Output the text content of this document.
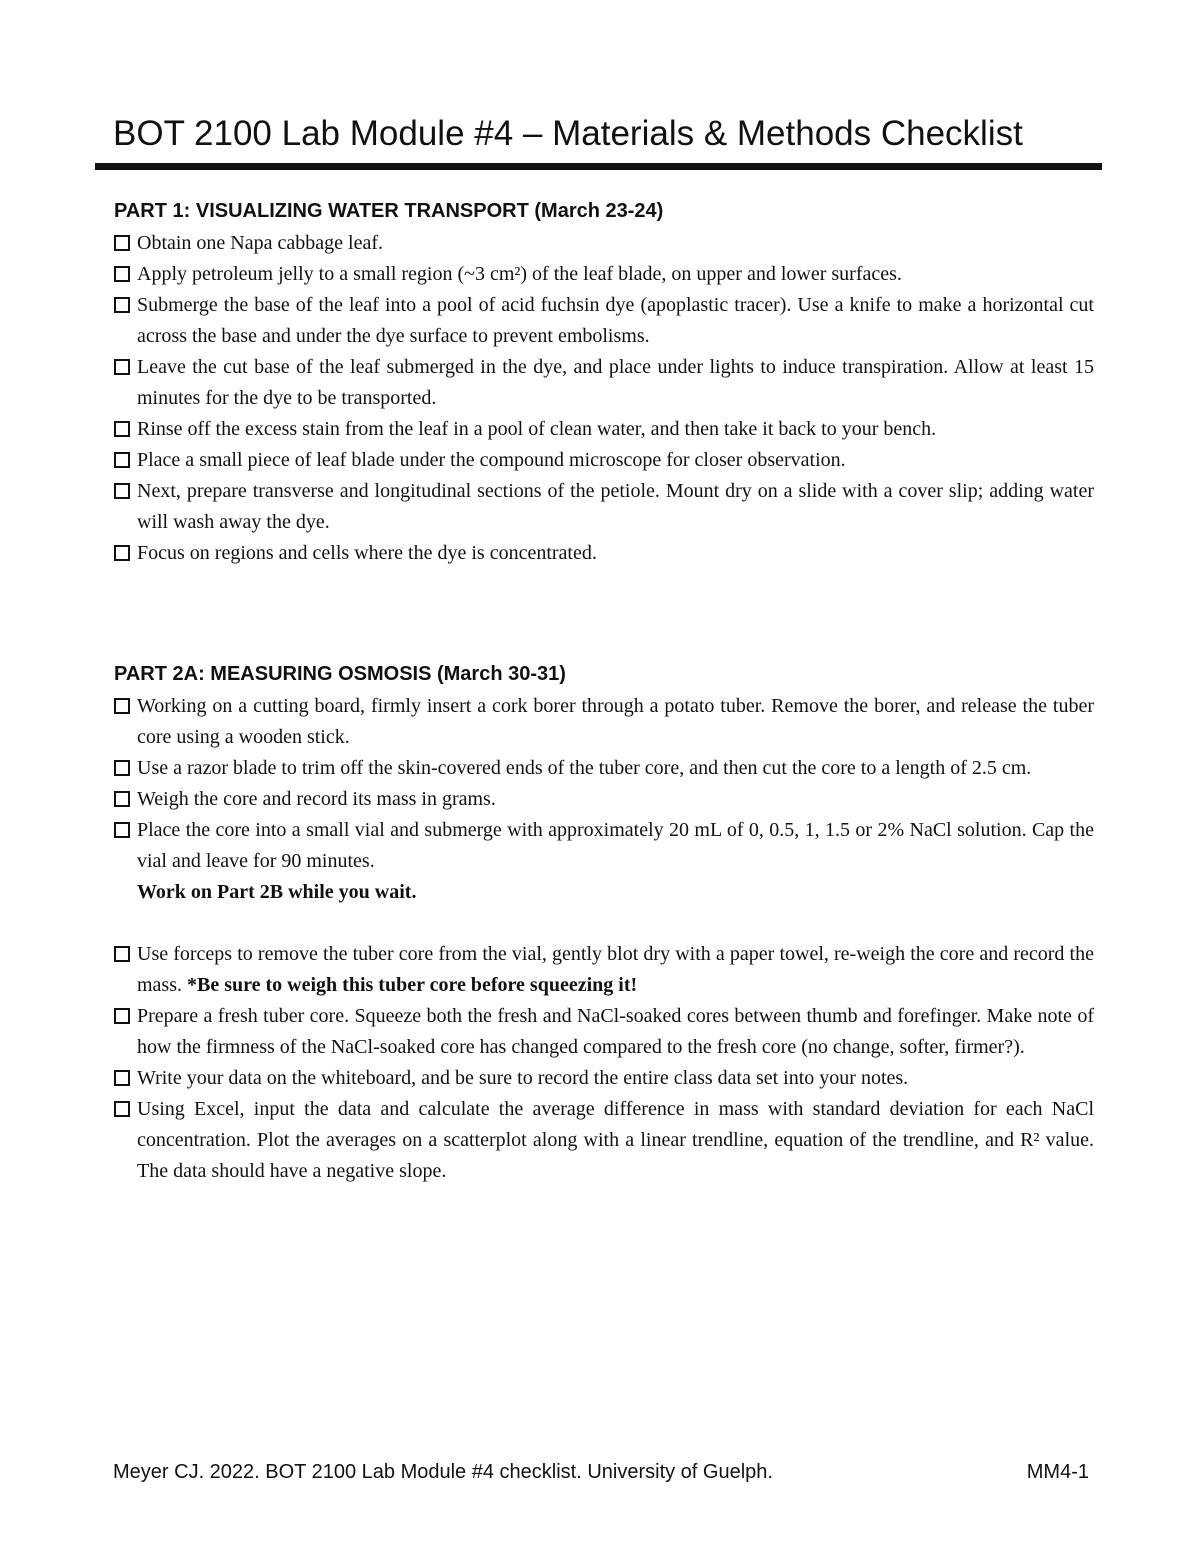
BOT 2100 Lab Module #4 – Materials & Methods Checklist
PART 1: VISUALIZING WATER TRANSPORT (March 23-24)
Obtain one Napa cabbage leaf.
Apply petroleum jelly to a small region (~3 cm²) of the leaf blade, on upper and lower surfaces.
Submerge the base of the leaf into a pool of acid fuchsin dye (apoplastic tracer). Use a knife to make a horizontal cut across the base and under the dye surface to prevent embolisms.
Leave the cut base of the leaf submerged in the dye, and place under lights to induce transpiration. Allow at least 15 minutes for the dye to be transported.
Rinse off the excess stain from the leaf in a pool of clean water, and then take it back to your bench.
Place a small piece of leaf blade under the compound microscope for closer observation.
Next, prepare transverse and longitudinal sections of the petiole. Mount dry on a slide with a cover slip; adding water will wash away the dye.
Focus on regions and cells where the dye is concentrated.
PART 2A: MEASURING OSMOSIS (March 30-31)
Working on a cutting board, firmly insert a cork borer through a potato tuber. Remove the borer, and release the tuber core using a wooden stick.
Use a razor blade to trim off the skin-covered ends of the tuber core, and then cut the core to a length of 2.5 cm.
Weigh the core and record its mass in grams.
Place the core into a small vial and submerge with approximately 20 mL of 0, 0.5, 1, 1.5 or 2% NaCl solution. Cap the vial and leave for 90 minutes.
Work on Part 2B while you wait.
Use forceps to remove the tuber core from the vial, gently blot dry with a paper towel, re-weigh the core and record the mass. *Be sure to weigh this tuber core before squeezing it!
Prepare a fresh tuber core. Squeeze both the fresh and NaCl-soaked cores between thumb and forefinger. Make note of how the firmness of the NaCl-soaked core has changed compared to the fresh core (no change, softer, firmer?).
Write your data on the whiteboard, and be sure to record the entire class data set into your notes.
Using Excel, input the data and calculate the average difference in mass with standard deviation for each NaCl concentration. Plot the averages on a scatterplot along with a linear trendline, equation of the trendline, and R² value. The data should have a negative slope.
Meyer CJ. 2022. BOT 2100 Lab Module #4 checklist. University of Guelph.	MM4-1
